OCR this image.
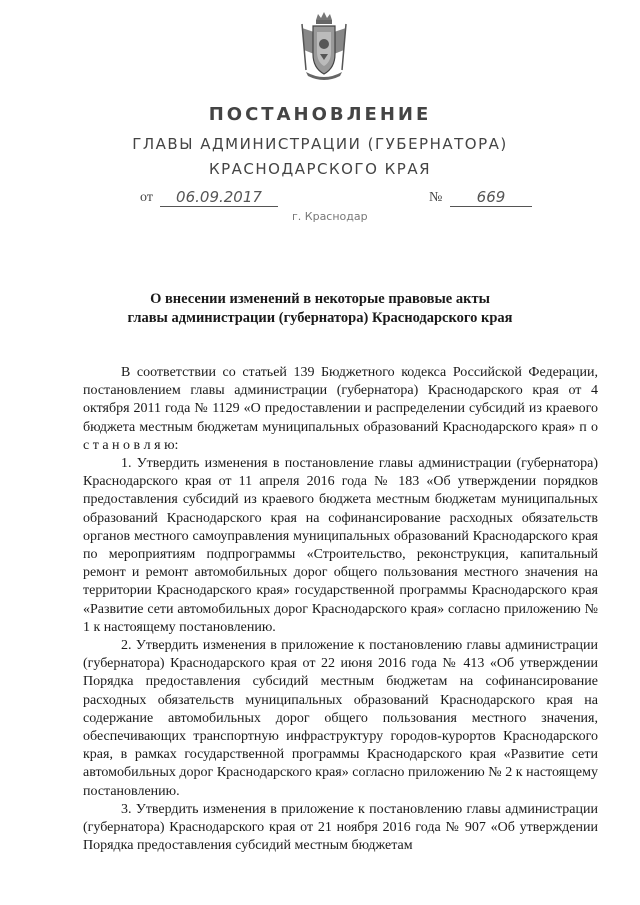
ПОСТАНОВЛЕНИЕ
ГЛАВЫ АДМИНИСТРАЦИИ (ГУБЕРНАТОРА)
КРАСНОДАРСКОГО КРАЯ
от	06.09.2017	№	669
г. Краснодар
О внесении изменений в некоторые правовые акты
главы администрации (губернатора) Краснодарского края

В соответствии со статьей 139 Бюджетного кодекса Российской Федерации, постановлением главы администрации (губернатора) Краснодарского края от 4 октября 2011 года № 1129 «О предоставлении и распределении субсидий из краевого бюджета местным бюджетам муниципальных образований Краснодарского края» п о с т а н о в л я ю:

1. Утвердить изменения в постановление главы администрации (губернатора) Краснодарского края от 11 апреля 2016 года № 183 «Об утверждении порядков предоставления субсидий из краевого бюджета местным бюджетам муниципальных образований Краснодарского края на софинансирование расходных обязательств органов местного самоуправления муниципальных образований Краснодарского края по мероприятиям подпрограммы «Строительство, реконструкция, капитальный ремонт и ремонт автомобильных дорог общего пользования местного значения на территории Краснодарского края» государственной программы Краснодарского края «Развитие сети автомобильных дорог Краснодарского края» согласно приложению № 1 к настоящему постановлению.

2. Утвердить изменения в приложение к постановлению главы администрации (губернатора) Краснодарского края от 22 июня 2016 года № 413 «Об утверждении Порядка предоставления субсидий местным бюджетам на софинансирование расходных обязательств муниципальных образований Краснодарского края на содержание автомобильных дорог общего пользования местного значения, обеспечивающих транспортную инфраструктуру городов-курортов Краснодарского края, в рамках государственной программы Краснодарского края «Развитие сети автомобильных дорог Краснодарского края» согласно приложению № 2 к настоящему постановлению.

3. Утвердить изменения в приложение к постановлению главы администрации (губернатора) Краснодарского края от 21 ноября 2016 года № 907 «Об утверждении Порядка предоставления субсидий местным бюджетам
